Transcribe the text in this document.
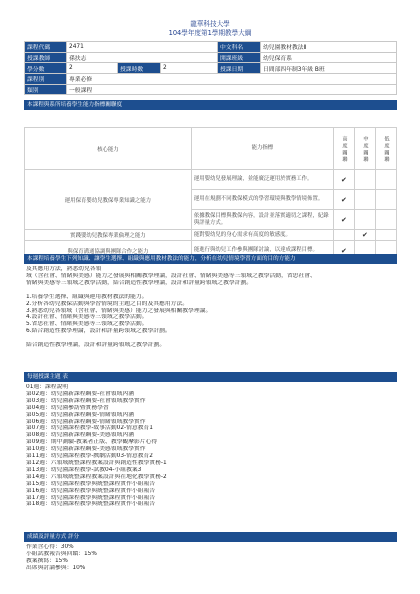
龍華科技大學
104學年度第1學期教學大綱
課程代碼	2471			中文科名	幼兒園教材教法Ⅱ
授課教師	孫扶志			開課班級	幼兒保育系
學分數	2	授課時數	2	授課日期	日間部四年制3年級 B班
課程別	專業必修				
類別	一般課程				
本課程與系所培養學生能力指標關聯度
核心能力	能力指標	高 度 關 聯	中 度 關 聯	低 度 關 聯
運用保育嬰幼兒教保專業知識之能力	運用嬰幼兒發展理論，並能廣泛運用於實務工作。	✔		
	運用在規劃不同教保模式的學習環境與教學情境佈置。	✔		
	依據教保目標與教保內容，設計並落實適切之課程，紀錄與評量方式。	✔		
實踐嬰幼兒教保專業倫理之能力	能對嬰幼兒的身心需求有高度的敏感度。		✔	
與保育溝通協調與團隊合作之能力	能進行與幼兒工作參與團隊討論，以達成課程目標。	✔		
本課程培養學生下列知識、讓學生選擇、組織與應用教材教法的能力，分析在幼兒情境學習方面的目的方能力
及其應用方法，熟悉幼兒各領
域（含社會、情緒與美感）能力之發展與相關教學理論，設計社會、情緒與美感等三領域之教學活動，省思社會、
情緒與美感等三領域之教學活動，結合創造性教學理論，設計和評量跨領域之教學計劃。
1.培養學生選擇、組織與運用教材教法的能力。
2.分析各幼兒教保活動與學習情境的主題之目的及其應用方法。
3.熟悉幼兒各領域（含社會、情緒與美感）能力之發展與相關教學理論。
4.設計社會、情緒與美感等三領域之教學活動。
5.省思社會、情緒與美感等三領域之教學活動。
6.結合創造性教學理論，設計和評量跨領域之教學計劃。
結合創造性教學理論，設計和評量跨領域之教學計劃。
每週授課主題 表
01週：課程說明
第02週：幼兒園新課程綱要-社會領域內涵
第03週：幼兒園新課程綱要-社會領域教學實作
第04週：幼兒園參訪暨實務學習
第05週：幼兒園新課程綱要-情緒領域內涵
第06週：幼兒園新課程綱要-情緒領域教學實作
第07週：幼兒園課程教學-故事活動02-情意教育1
第08週：幼兒園新課程綱要-美感領域內涵
第09週：期中測驗-教案者正版、教學觀摩影片心得
第10週：幼兒園新課程綱要-美感領域教學實作
第11週：幼兒園課程教學-戲劇活動03-情意教育2
第12週：六領域統整課程教案設計與創造性教學實務-1
第13週：幼兒園課程教學-試教04-小組教案3
第14週：六領域統整課程教案設計與在地化教學實務-2
第15週：幼兒園課程教學與統整課程實作小組報告
第16週：幼兒園課程教學與統整課程實作小組報告
第17週：幼兒園課程教學與統整課程實作小組報告
第18週：幼兒園課程教學與統整課程實作小組報告
成績及評量方式 評分
作業含心得：30%
小組試教報告與回饋：15%
教案撰寫：15%
出席與討論參與：10%
